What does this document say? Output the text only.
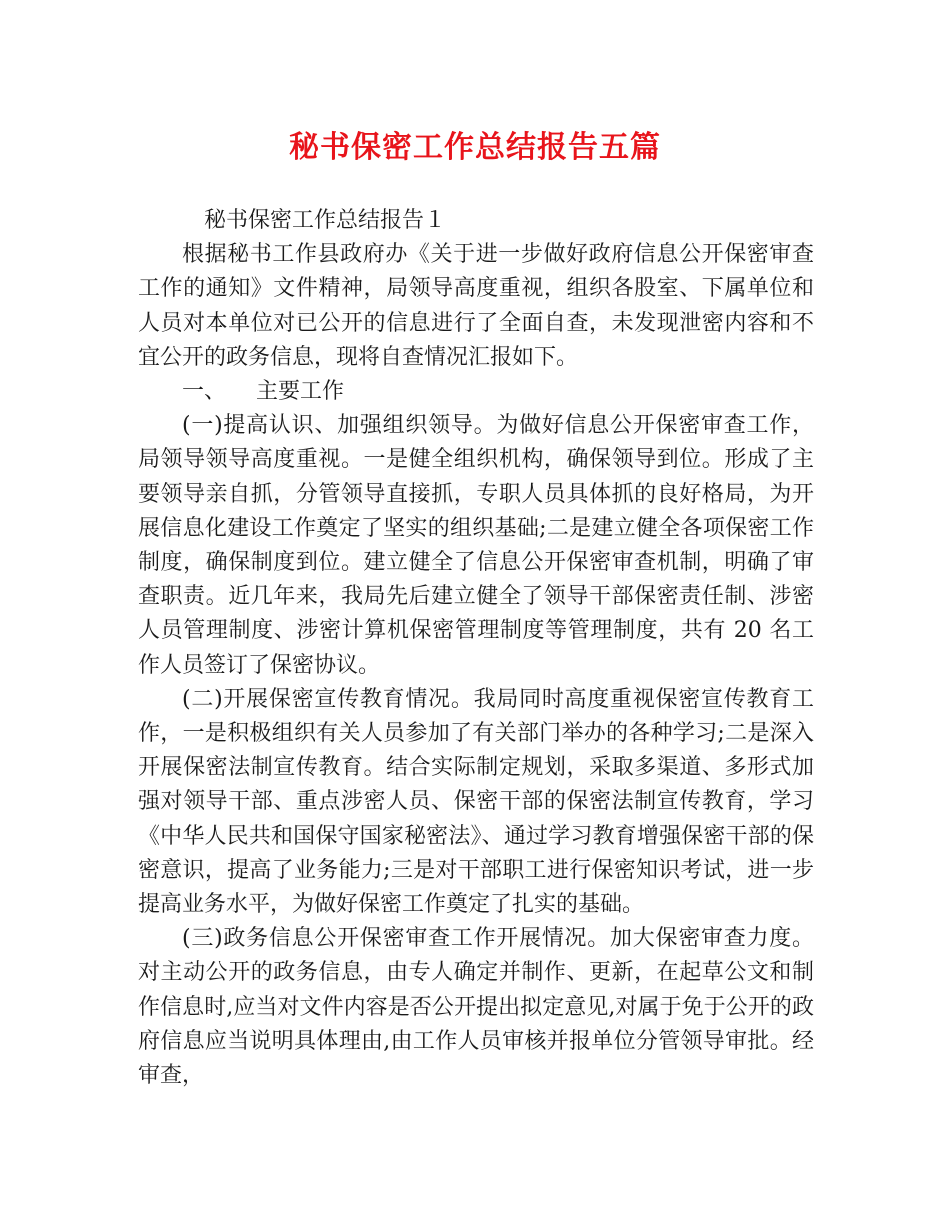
秘书保密工作总结报告五篇

秘书保密工作总结报告１

根据秘书工作县政府办《关于进一步做好政府信息公开保密审查工作的通知》文件精神，局领导高度重视，组织各股室、下属单位和人员对本单位对已公开的信息进行了全面自查，未发现泄密内容和不宜公开的政务信息，现将自查情况汇报如下。

一、 主要工作

(一)提高认识、加强组织领导。为做好信息公开保密审查工作，局领导领导高度重视。一是健全组织机构，确保领导到位。形成了主要领导亲自抓，分管领导直接抓，专职人员具体抓的良好格局，为开展信息化建设工作奠定了坚实的组织基础;二是建立健全各项保密工作制度，确保制度到位。建立健全了信息公开保密审查机制，明确了审查职责。近几年来，我局先后建立健全了领导干部保密责任制、涉密人员管理制度、涉密计算机保密管理制度等管理制度，共有 20 名工作人员签订了保密协议。

(二)开展保密宣传教育情况。我局同时高度重视保密宣传教育工作，一是积极组织有关人员参加了有关部门举办的各种学习;二是深入开展保密法制宣传教育。结合实际制定规划，采取多渠道、多形式加强对领导干部、重点涉密人员、保密干部的保密法制宣传教育，学习《中华人民共和国保守国家秘密法》、通过学习教育增强保密干部的保密意识，提高了业务能力;三是对干部职工进行保密知识考试，进一步提高业务水平，为做好保密工作奠定了扎实的基础。

(三)政务信息公开保密审查工作开展情况。加大保密审查力度。对主动公开的政务信息，由专人确定并制作、更新，在起草公文和制作信息时,应当对文件内容是否公开提出拟定意见,对属于免于公开的政府信息应当说明具体理由,由工作人员审核并报单位分管领导审批。经审查，
